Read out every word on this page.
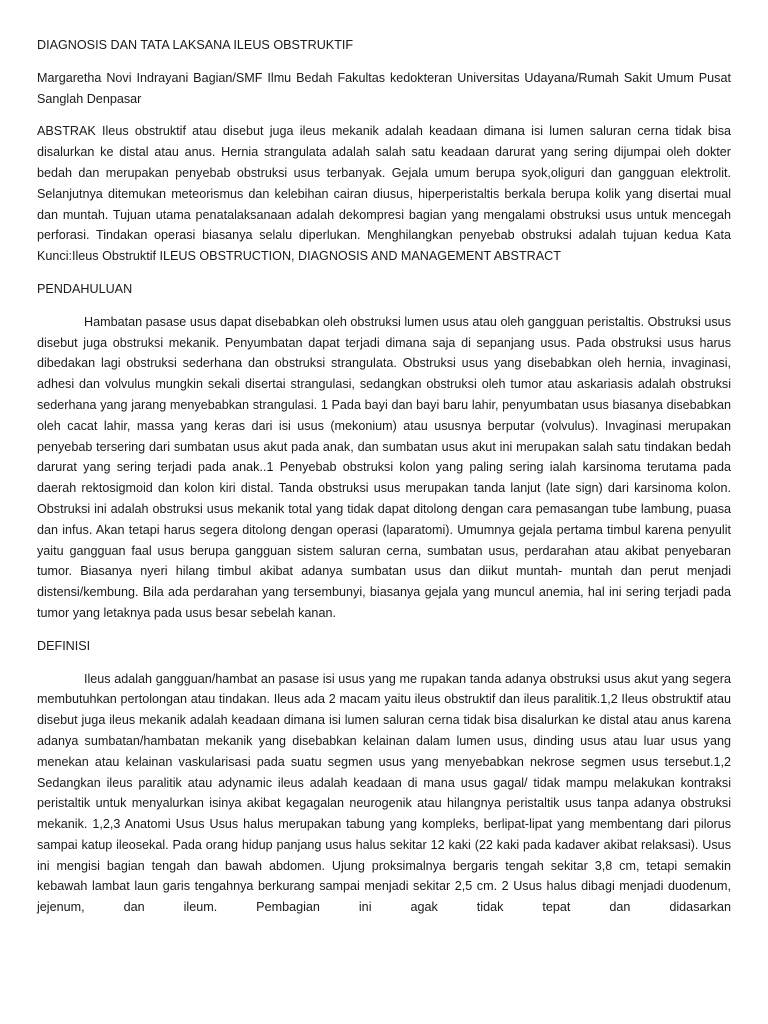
DIAGNOSIS DAN TATA LAKSANA ILEUS OBSTRUKTIF
Margaretha Novi Indrayani Bagian/SMF Ilmu Bedah Fakultas kedokteran Universitas Udayana/Rumah Sakit Umum Pusat Sanglah Denpasar
ABSTRAK Ileus obstruktif atau disebut juga ileus mekanik adalah keadaan dimana isi lumen saluran cerna tidak bisa disalurkan ke distal atau anus. Hernia strangulata adalah salah satu keadaan darurat yang sering dijumpai oleh dokter bedah dan merupakan penyebab obstruksi usus terbanyak. Gejala umum berupa syok,oliguri dan gangguan elektrolit. Selanjutnya ditemukan meteorismus dan kelebihan cairan diusus, hiperperistaltis berkala berupa kolik yang disertai mual dan muntah. Tujuan utama penatalaksanaan adalah dekompresi bagian yang mengalami obstruksi usus untuk mencegah perforasi. Tindakan operasi biasanya selalu diperlukan. Menghilangkan penyebab obstruksi adalah tujuan kedua Kata Kunci:Ileus Obstruktif ILEUS OBSTRUCTION, DIAGNOSIS AND MANAGEMENT ABSTRACT
PENDAHULUAN
Hambatan pasase usus dapat disebabkan oleh obstruksi lumen usus atau oleh gangguan peristaltis. Obstruksi usus disebut juga obstruksi mekanik. Penyumbatan dapat terjadi dimana saja di sepanjang usus. Pada obstruksi usus harus dibedakan lagi obstruksi sederhana dan obstruksi strangulata. Obstruksi usus yang disebabkan oleh hernia, invaginasi, adhesi dan volvulus mungkin sekali disertai strangulasi, sedangkan obstruksi oleh tumor atau askariasis adalah obstruksi sederhana yang jarang menyebabkan strangulasi. 1 Pada bayi dan bayi baru lahir, penyumbatan usus biasanya disebabkan oleh cacat lahir, massa yang keras dari isi usus (mekonium) atau ususnya berputar (volvulus). Invaginasi merupakan penyebab tersering dari sumbatan usus akut pada anak, dan sumbatan usus akut ini merupakan salah satu tindakan bedah darurat yang sering terjadi pada anak..1 Penyebab obstruksi kolon yang paling sering ialah karsinoma terutama pada daerah rektosigmoid dan kolon kiri distal. Tanda obstruksi usus merupakan tanda lanjut (late sign) dari karsinoma kolon. Obstruksi ini adalah obstruksi usus mekanik total yang tidak dapat ditolong dengan cara pemasangan tube lambung, puasa dan infus. Akan tetapi harus segera ditolong dengan operasi (laparatomi). Umumnya gejala pertama timbul karena penyulit yaitu gangguan faal usus berupa gangguan sistem saluran cerna, sumbatan usus, perdarahan atau akibat penyebaran tumor. Biasanya nyeri hilang timbul akibat adanya sumbatan usus dan diikut muntah- muntah dan perut menjadi distensi/kembung. Bila ada perdarahan yang tersembunyi, biasanya gejala yang muncul anemia, hal ini sering terjadi pada tumor yang letaknya pada usus besar sebelah kanan.
DEFINISI
Ileus adalah gangguan/hambat an pasase isi usus yang me rupakan tanda adanya obstruksi usus akut yang segera membutuhkan pertolongan atau tindakan. Ileus ada 2 macam yaitu ileus obstruktif dan ileus paralitik.1,2 Ileus obstruktif atau disebut juga ileus mekanik adalah keadaan dimana isi lumen saluran cerna tidak bisa disalurkan ke distal atau anus karena adanya sumbatan/hambatan mekanik yang disebabkan kelainan dalam lumen usus, dinding usus atau luar usus yang menekan atau kelainan vaskularisasi pada suatu segmen usus yang menyebabkan nekrose segmen usus tersebut.1,2 Sedangkan ileus paralitik atau adynamic ileus adalah keadaan di mana usus gagal/ tidak mampu melakukan kontraksi peristaltik untuk menyalurkan isinya akibat kegagalan neurogenik atau hilangnya peristaltik usus tanpa adanya obstruksi mekanik. 1,2,3 Anatomi Usus Usus halus merupakan tabung yang kompleks, berlipat-lipat yang membentang dari pilorus sampai katup ileosekal. Pada orang hidup panjang usus halus sekitar 12 kaki (22 kaki pada kadaver akibat relaksasi). Usus ini mengisi bagian tengah dan bawah abdomen. Ujung proksimalnya bergaris tengah sekitar 3,8 cm, tetapi semakin kebawah lambat laun garis tengahnya berkurang sampai menjadi sekitar 2,5 cm. 2 Usus halus dibagi menjadi duodenum, jejenum, dan ileum. Pembagian ini agak tidak tepat dan didasarkan
